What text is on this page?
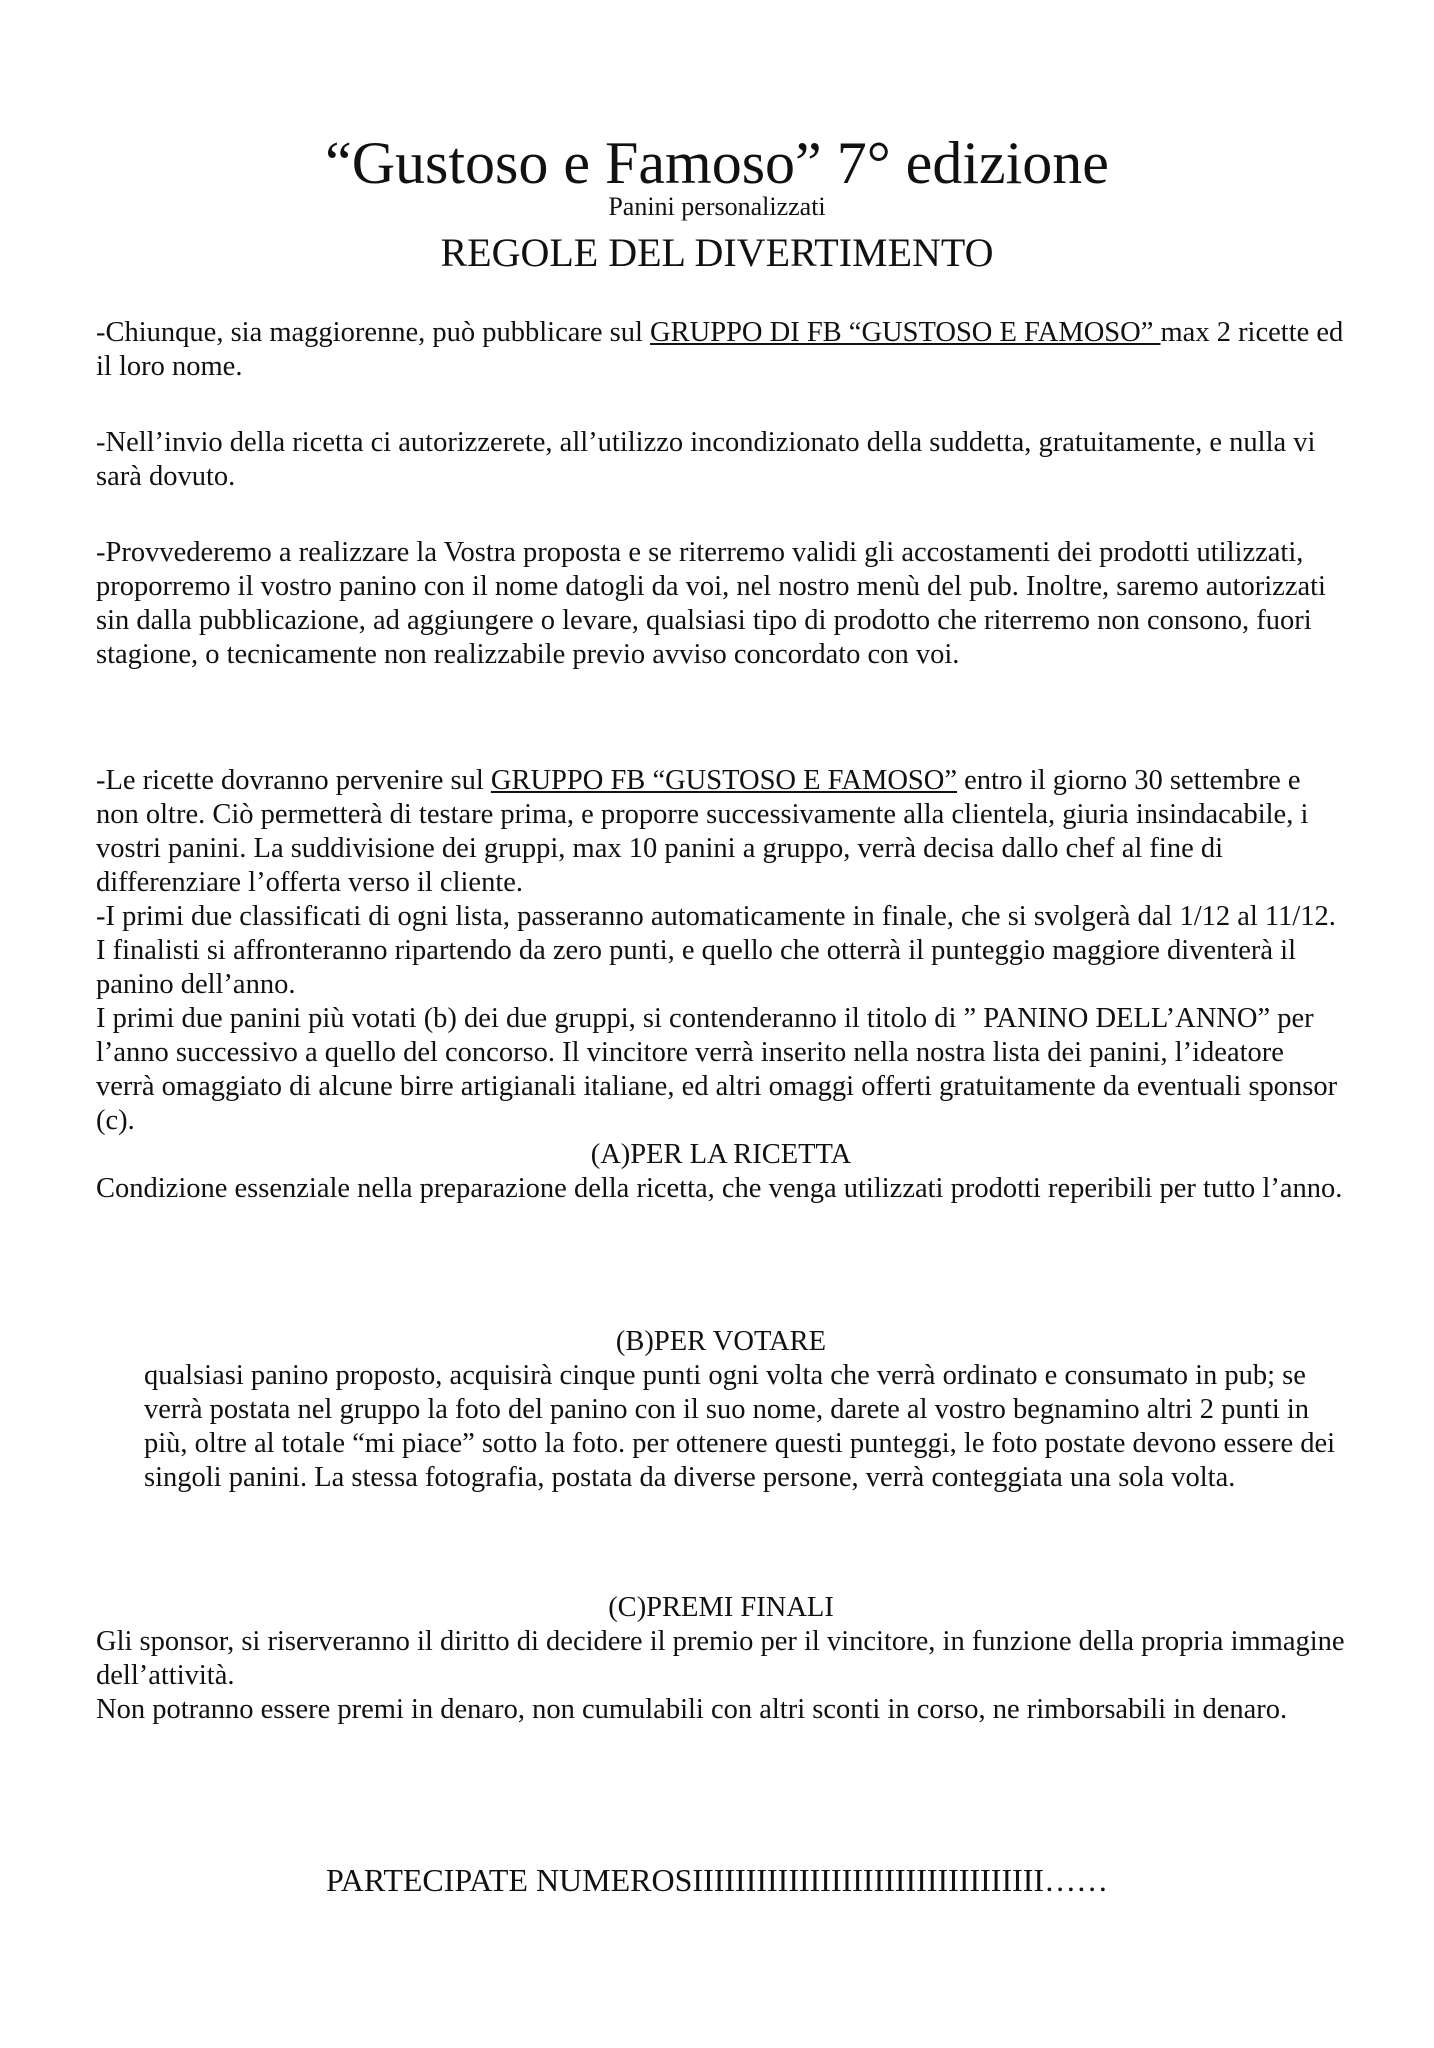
“Gustoso e Famoso” 7° edizione
Panini personalizzati
REGOLE DEL DIVERTIMENTO

-Chiunque, sia maggiorenne, può pubblicare sul GRUPPO DI FB “GUSTOSO E FAMOSO” max 2 ricette ed il loro nome.

-Nell’invio della ricetta ci autorizzerete, all’utilizzo incondizionato della suddetta, gratuitamente, e nulla vi sarà dovuto.

-Provvederemo a realizzare la Vostra proposta e se riterremo validi gli accostamenti dei prodotti utilizzati, proporremo il vostro panino con il nome datogli da voi, nel nostro menù del pub. Inoltre, saremo autorizzati sin dalla pubblicazione, ad aggiungere o levare, qualsiasi tipo di prodotto che riterremo non consono, fuori stagione, o tecnicamente non realizzabile previo avviso concordato con voi.

-Le ricette dovranno pervenire sul GRUPPO FB “GUSTOSO E FAMOSO” entro il giorno 30 settembre e non oltre. Ciò permetterà di testare prima, e proporre successivamente alla clientela, giuria insindacabile, i vostri panini. La suddivisione dei gruppi, max 10 panini a gruppo, verrà decisa dallo chef al fine di differenziare l’offerta verso il cliente.

-I primi due classificati di ogni lista, passeranno automaticamente in finale, che si svolgerà dal 1/12 al 11/12. I finalisti si affronteranno ripartendo da zero punti, e quello che otterrà il punteggio maggiore diventerà il panino dell’anno.

I primi due panini più votati (b) dei due gruppi, si contenderanno il titolo di ” PANINO DELL’ANNO” per l’anno successivo a quello del concorso. Il vincitore verrà inserito nella nostra lista dei panini, l’ideatore verrà omaggiato di alcune birre artigianali italiane, ed altri omaggi offerti gratuitamente da eventuali sponsor (c).

(A)PER LA RICETTA

Condizione essenziale nella preparazione della ricetta, che venga utilizzati prodotti reperibili per tutto l’anno.

(B)PER VOTARE

qualsiasi panino proposto, acquisirà cinque punti ogni volta che verrà ordinato e consumato in pub; se verrà postata nel gruppo la foto del panino con il suo nome, darete al vostro begnamino altri 2 punti in più, oltre al totale “mi piace” sotto la foto. per ottenere questi punteggi, le foto postate devono essere dei singoli panini. La stessa fotografia, postata da diverse persone, verrà conteggiata una sola volta.

(C)PREMI FINALI

Gli sponsor, si riserveranno il diritto di decidere il premio per il vincitore, in funzione della propria immagine dell’attività.

Non potranno essere premi in denaro, non cumulabili con altri sconti in corso, ne rimborsabili in denaro.

PARTECIPATE NUMEROSIIIIIIIIIIIIIIIIIIIIIIIIIIIIIIIII……
